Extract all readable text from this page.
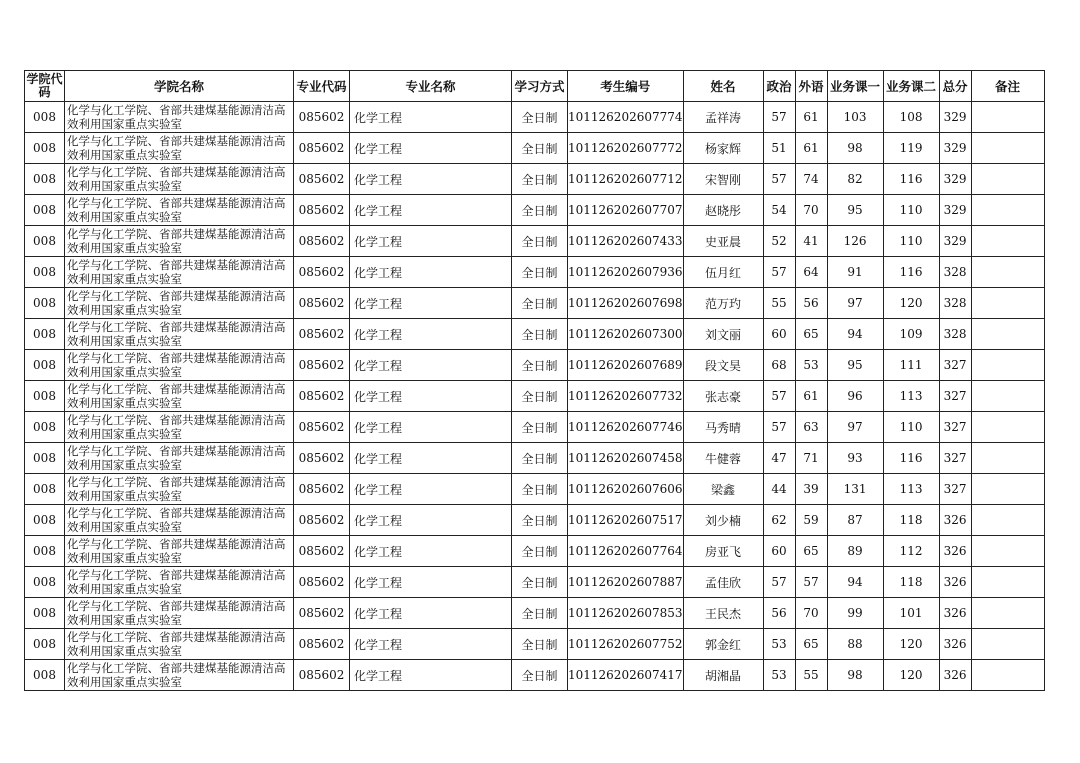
学院代码	学院名称	专业代码	专业名称	学习方式	考生编号	姓名	政治	外语	业务课一	业务课二	总分	备注
008	化学与化工学院、省部共建煤基能源清洁高效利用国家重点实验室	085602	化学工程	全日制	101126202607774	孟祥涛	57	61	103	108	329	
008	化学与化工学院、省部共建煤基能源清洁高效利用国家重点实验室	085602	化学工程	全日制	101126202607772	杨家辉	51	61	98	119	329	
008	化学与化工学院、省部共建煤基能源清洁高效利用国家重点实验室	085602	化学工程	全日制	101126202607712	宋智刚	57	74	82	116	329	
008	化学与化工学院、省部共建煤基能源清洁高效利用国家重点实验室	085602	化学工程	全日制	101126202607707	赵晓彤	54	70	95	110	329	
008	化学与化工学院、省部共建煤基能源清洁高效利用国家重点实验室	085602	化学工程	全日制	101126202607433	史亚晨	52	41	126	110	329	
008	化学与化工学院、省部共建煤基能源清洁高效利用国家重点实验室	085602	化学工程	全日制	101126202607936	伍月红	57	64	91	116	328	
008	化学与化工学院、省部共建煤基能源清洁高效利用国家重点实验室	085602	化学工程	全日制	101126202607698	范万玓	55	56	97	120	328	
008	化学与化工学院、省部共建煤基能源清洁高效利用国家重点实验室	085602	化学工程	全日制	101126202607300	刘文丽	60	65	94	109	328	
008	化学与化工学院、省部共建煤基能源清洁高效利用国家重点实验室	085602	化学工程	全日制	101126202607689	段文昊	68	53	95	111	327	
008	化学与化工学院、省部共建煤基能源清洁高效利用国家重点实验室	085602	化学工程	全日制	101126202607732	张志豪	57	61	96	113	327	
008	化学与化工学院、省部共建煤基能源清洁高效利用国家重点实验室	085602	化学工程	全日制	101126202607746	马秀晴	57	63	97	110	327	
008	化学与化工学院、省部共建煤基能源清洁高效利用国家重点实验室	085602	化学工程	全日制	101126202607458	牛健蓉	47	71	93	116	327	
008	化学与化工学院、省部共建煤基能源清洁高效利用国家重点实验室	085602	化学工程	全日制	101126202607606	梁鑫	44	39	131	113	327	
008	化学与化工学院、省部共建煤基能源清洁高效利用国家重点实验室	085602	化学工程	全日制	101126202607517	刘少楠	62	59	87	118	326	
008	化学与化工学院、省部共建煤基能源清洁高效利用国家重点实验室	085602	化学工程	全日制	101126202607764	房亚飞	60	65	89	112	326	
008	化学与化工学院、省部共建煤基能源清洁高效利用国家重点实验室	085602	化学工程	全日制	101126202607887	孟佳欣	57	57	94	118	326	
008	化学与化工学院、省部共建煤基能源清洁高效利用国家重点实验室	085602	化学工程	全日制	101126202607853	王民杰	56	70	99	101	326	
008	化学与化工学院、省部共建煤基能源清洁高效利用国家重点实验室	085602	化学工程	全日制	101126202607752	郭金红	53	65	88	120	326	
008	化学与化工学院、省部共建煤基能源清洁高效利用国家重点实验室	085602	化学工程	全日制	101126202607417	胡湘晶	53	55	98	120	326	
